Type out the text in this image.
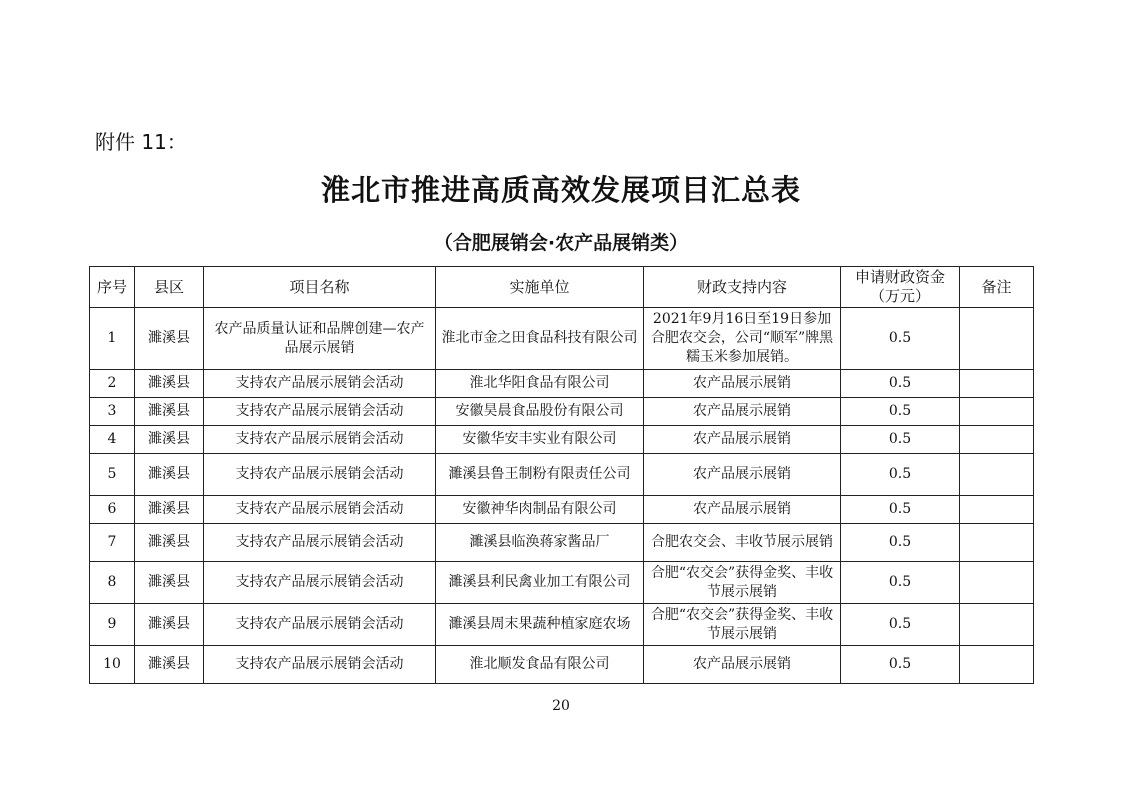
附件 11：
淮北市推进高质高效发展项目汇总表
（合肥展销会·农产品展销类）
序号	县区	项目名称	实施单位	财政支持内容	申请财政资金（万元）	备注
1	濉溪县	农产品质量认证和品牌创建—农产品展示展销	淮北市金之田食品科技有限公司	2021年9月16日至19日参加合肥农交会，公司“顺军”牌黑糯玉米参加展销。	0.5	
2	濉溪县	支持农产品展示展销会活动	淮北华阳食品有限公司	农产品展示展销	0.5	
3	濉溪县	支持农产品展示展销会活动	安徽昊晨食品股份有限公司	农产品展示展销	0.5	
4	濉溪县	支持农产品展示展销会活动	安徽华安丰实业有限公司	农产品展示展销	0.5	
5	濉溪县	支持农产品展示展销会活动	濉溪县鲁王制粉有限责任公司	农产品展示展销	0.5	
6	濉溪县	支持农产品展示展销会活动	安徽神华肉制品有限公司	农产品展示展销	0.5	
7	濉溪县	支持农产品展示展销会活动	濉溪县临涣蒋家酱品厂	合肥农交会、丰收节展示展销	0.5	
8	濉溪县	支持农产品展示展销会活动	濉溪县利民禽业加工有限公司	合肥“农交会”获得金奖、丰收节展示展销	0.5	
9	濉溪县	支持农产品展示展销会活动	濉溪县周末果蔬种植家庭农场	合肥“农交会”获得金奖、丰收节展示展销	0.5	
10	濉溪县	支持农产品展示展销会活动	淮北顺发食品有限公司	农产品展示展销	0.5	
20
